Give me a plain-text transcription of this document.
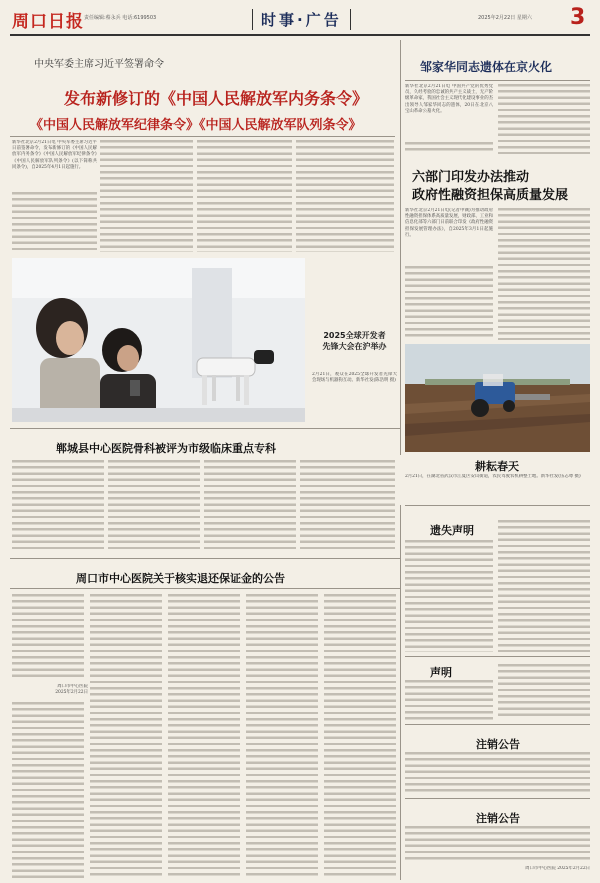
周口日报 责任编辑:蔡永兵 电话:6199503	时事·广告	2025年2月22日 星期六 3
中央军委主席习近平签署命令
发布新修订的《中国人民解放军内务条令》
《中国人民解放军纪律条令》《中国人民解放军队列条令》
新华社北京2月21日电 中央军委主席习近平日前签署命令，发布新修订的《中国人民解放军内务条令》《中国人民解放军纪律条令》《中国人民解放军队列条令》(以下简称共同条令)，自2025年4月1日起施行。
2025全球开发者
先锋大会在沪举办
2月21日，观众在2025全球开发者先锋大会现场与机器狗互动。新华社发(陈浩明 摄)
邹家华同志遗体在京火化
新华社北京2月21日电 中国共产党的优秀党员，久经考验的忠诚的共产主义战士，无产阶级革命家，我国社会主义现代化建设事业的杰出领导人邹家华同志的遗体，20日在北京八宝山革命公墓火化。
六部门印发办法推动
政府性融资担保高质量发展
新华社北京2月21日电(记者申铖)为推动政府性融资担保体系高质量发展，财政部、工业和信息化部等六部门日前联合印发《政府性融资担保发展管理办法》，自2025年3月1日起施行。
耕耘春天
2月21日，在湖北省武汉市江夏区安山街道，农民驾驶农机耕整土地。新华社发(伍志尊 摄)
郸城县中心医院骨科被评为市级临床重点专科
周口市中心医院关于核实退还保证金的公告
周口市中心医院
2025年2月22日
遗失声明
声明
注销公告
注销公告
周口市中心医院 2025年2月22日
